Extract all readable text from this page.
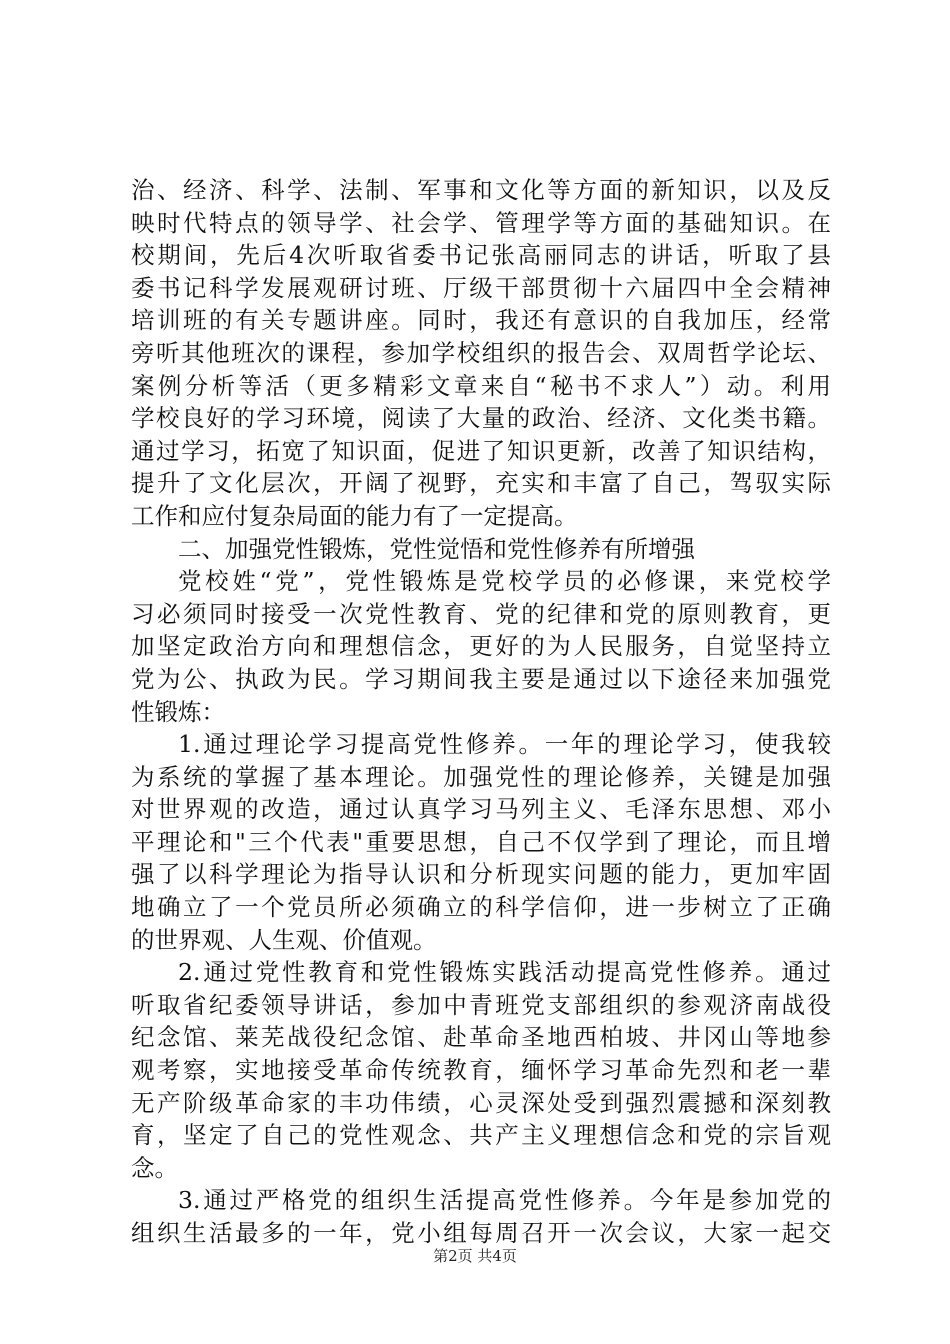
治、经济、科学、法制、军事和文化等方面的新知识，以及反
映时代特点的领导学、社会学、管理学等方面的基础知识。在
校期间，先后4次听取省委书记张高丽同志的讲话，听取了县
委书记科学发展观研讨班、厅级干部贯彻十六届四中全会精神
培训班的有关专题讲座。同时，我还有意识的自我加压，经常
旁听其他班次的课程，参加学校组织的报告会、双周哲学论坛、
案例分析等活（更多精彩文章来自“秘书不求人”）动。利用
学校良好的学习环境，阅读了大量的政治、经济、文化类书籍。
通过学习，拓宽了知识面，促进了知识更新，改善了知识结构，
提升了文化层次，开阔了视野，充实和丰富了自己，驾驭实际
工作和应付复杂局面的能力有了一定提高。
二、加强党性锻炼，党性觉悟和党性修养有所增强
党校姓“党”，党性锻炼是党校学员的必修课，来党校学
习必须同时接受一次党性教育、党的纪律和党的原则教育，更
加坚定政治方向和理想信念，更好的为人民服务，自觉坚持立
党为公、执政为民。学习期间我主要是通过以下途径来加强党
性锻炼：
1.通过理论学习提高党性修养。一年的理论学习，使我较
为系统的掌握了基本理论。加强党性的理论修养，关键是加强
对世界观的改造，通过认真学习马列主义、毛泽东思想、邓小
平理论和"三个代表"重要思想，自己不仅学到了理论，而且增
强了以科学理论为指导认识和分析现实问题的能力，更加牢固
地确立了一个党员所必须确立的科学信仰，进一步树立了正确
的世界观、人生观、价值观。
2.通过党性教育和党性锻炼实践活动提高党性修养。通过
听取省纪委领导讲话，参加中青班党支部组织的参观济南战役
纪念馆、莱芜战役纪念馆、赴革命圣地西柏坡、井冈山等地参
观考察，实地接受革命传统教育，缅怀学习革命先烈和老一辈
无产阶级革命家的丰功伟绩，心灵深处受到强烈震撼和深刻教
育，坚定了自己的党性观念、共产主义理想信念和党的宗旨观
念。
3.通过严格党的组织生活提高党性修养。今年是参加党的
组织生活最多的一年，党小组每周召开一次会议，大家一起交
第2页 共4页
